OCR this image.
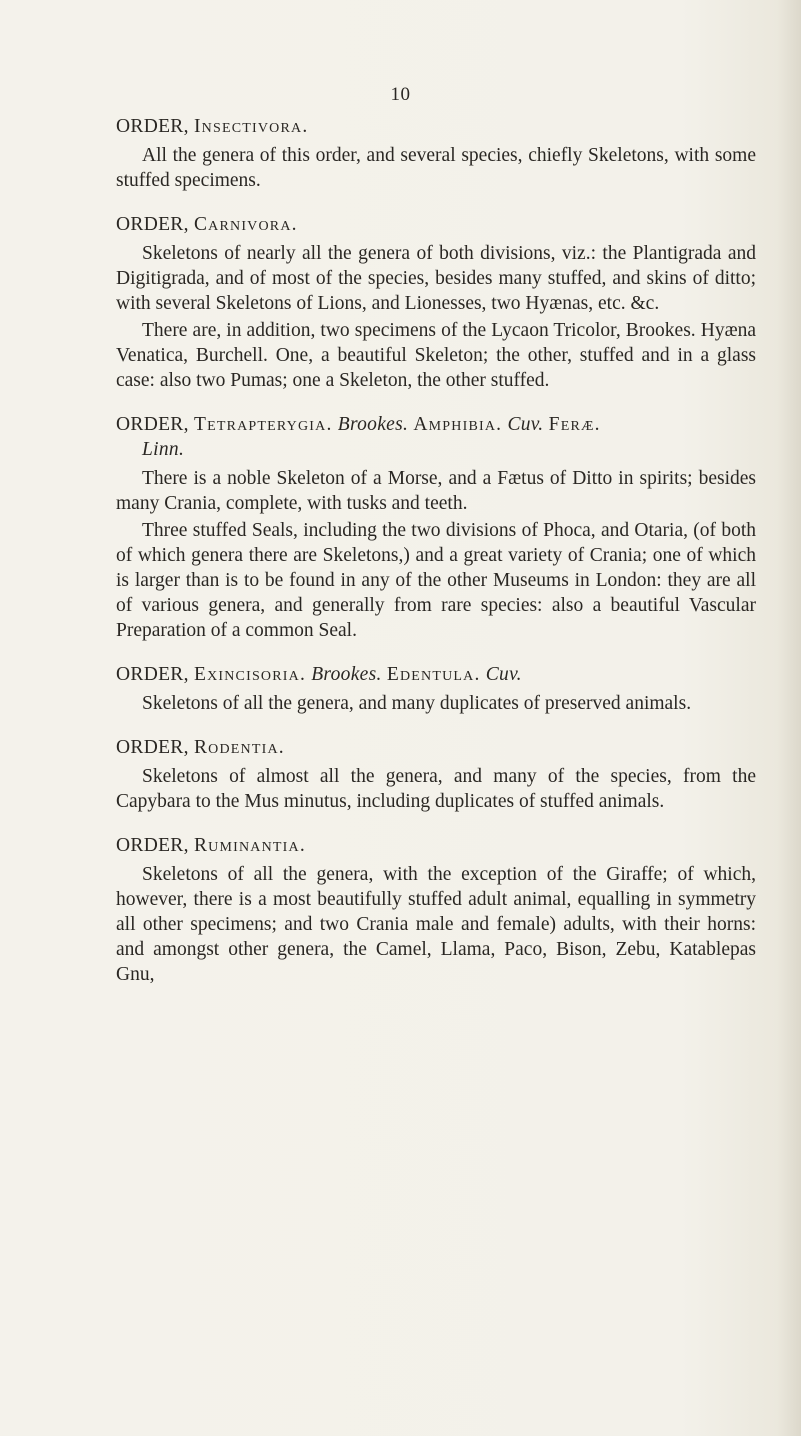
10
ORDER, Insectivora.

All the genera of this order, and several species, chiefly Skeletons, with some stuffed specimens.

ORDER, Carnivora.

Skeletons of nearly all the genera of both divisions, viz.: the Plantigrada and Digitigrada, and of most of the species, besides many stuffed, and skins of ditto; with several Skeletons of Lions, and Lionesses, two Hyænas, etc. &c.

There are, in addition, two specimens of the Lycaon Tricolor, Brookes. Hyæna Venatica, Burchell. One, a beautiful Skeleton; the other, stuffed and in a glass case: also two Pumas; one a Skeleton, the other stuffed.

ORDER, Tetrapterygia. Brookes. Amphibia. Cuv. Feræ.
Linn.

There is a noble Skeleton of a Morse, and a Fætus of Ditto in spirits; besides many Crania, complete, with tusks and teeth.

Three stuffed Seals, including the two divisions of Phoca, and Otaria, (of both of which genera there are Skeletons,) and a great variety of Crania; one of which is larger than is to be found in any of the other Museums in London: they are all of various genera, and generally from rare species: also a beautiful Vascular Preparation of a common Seal.

ORDER, Exincisoria. Brookes. Edentula. Cuv.

Skeletons of all the genera, and many duplicates of preserved animals.

ORDER, Rodentia.

Skeletons of almost all the genera, and many of the species, from the Capybara to the Mus minutus, including duplicates of stuffed animals.

ORDER, Ruminantia.

Skeletons of all the genera, with the exception of the Giraffe; of which, however, there is a most beautifully stuffed adult animal, equalling in symmetry all other specimens; and two Crania male and female) adults, with their horns: and amongst other genera, the Camel, Llama, Paco, Bison, Zebu, Katablepas Gnu,
